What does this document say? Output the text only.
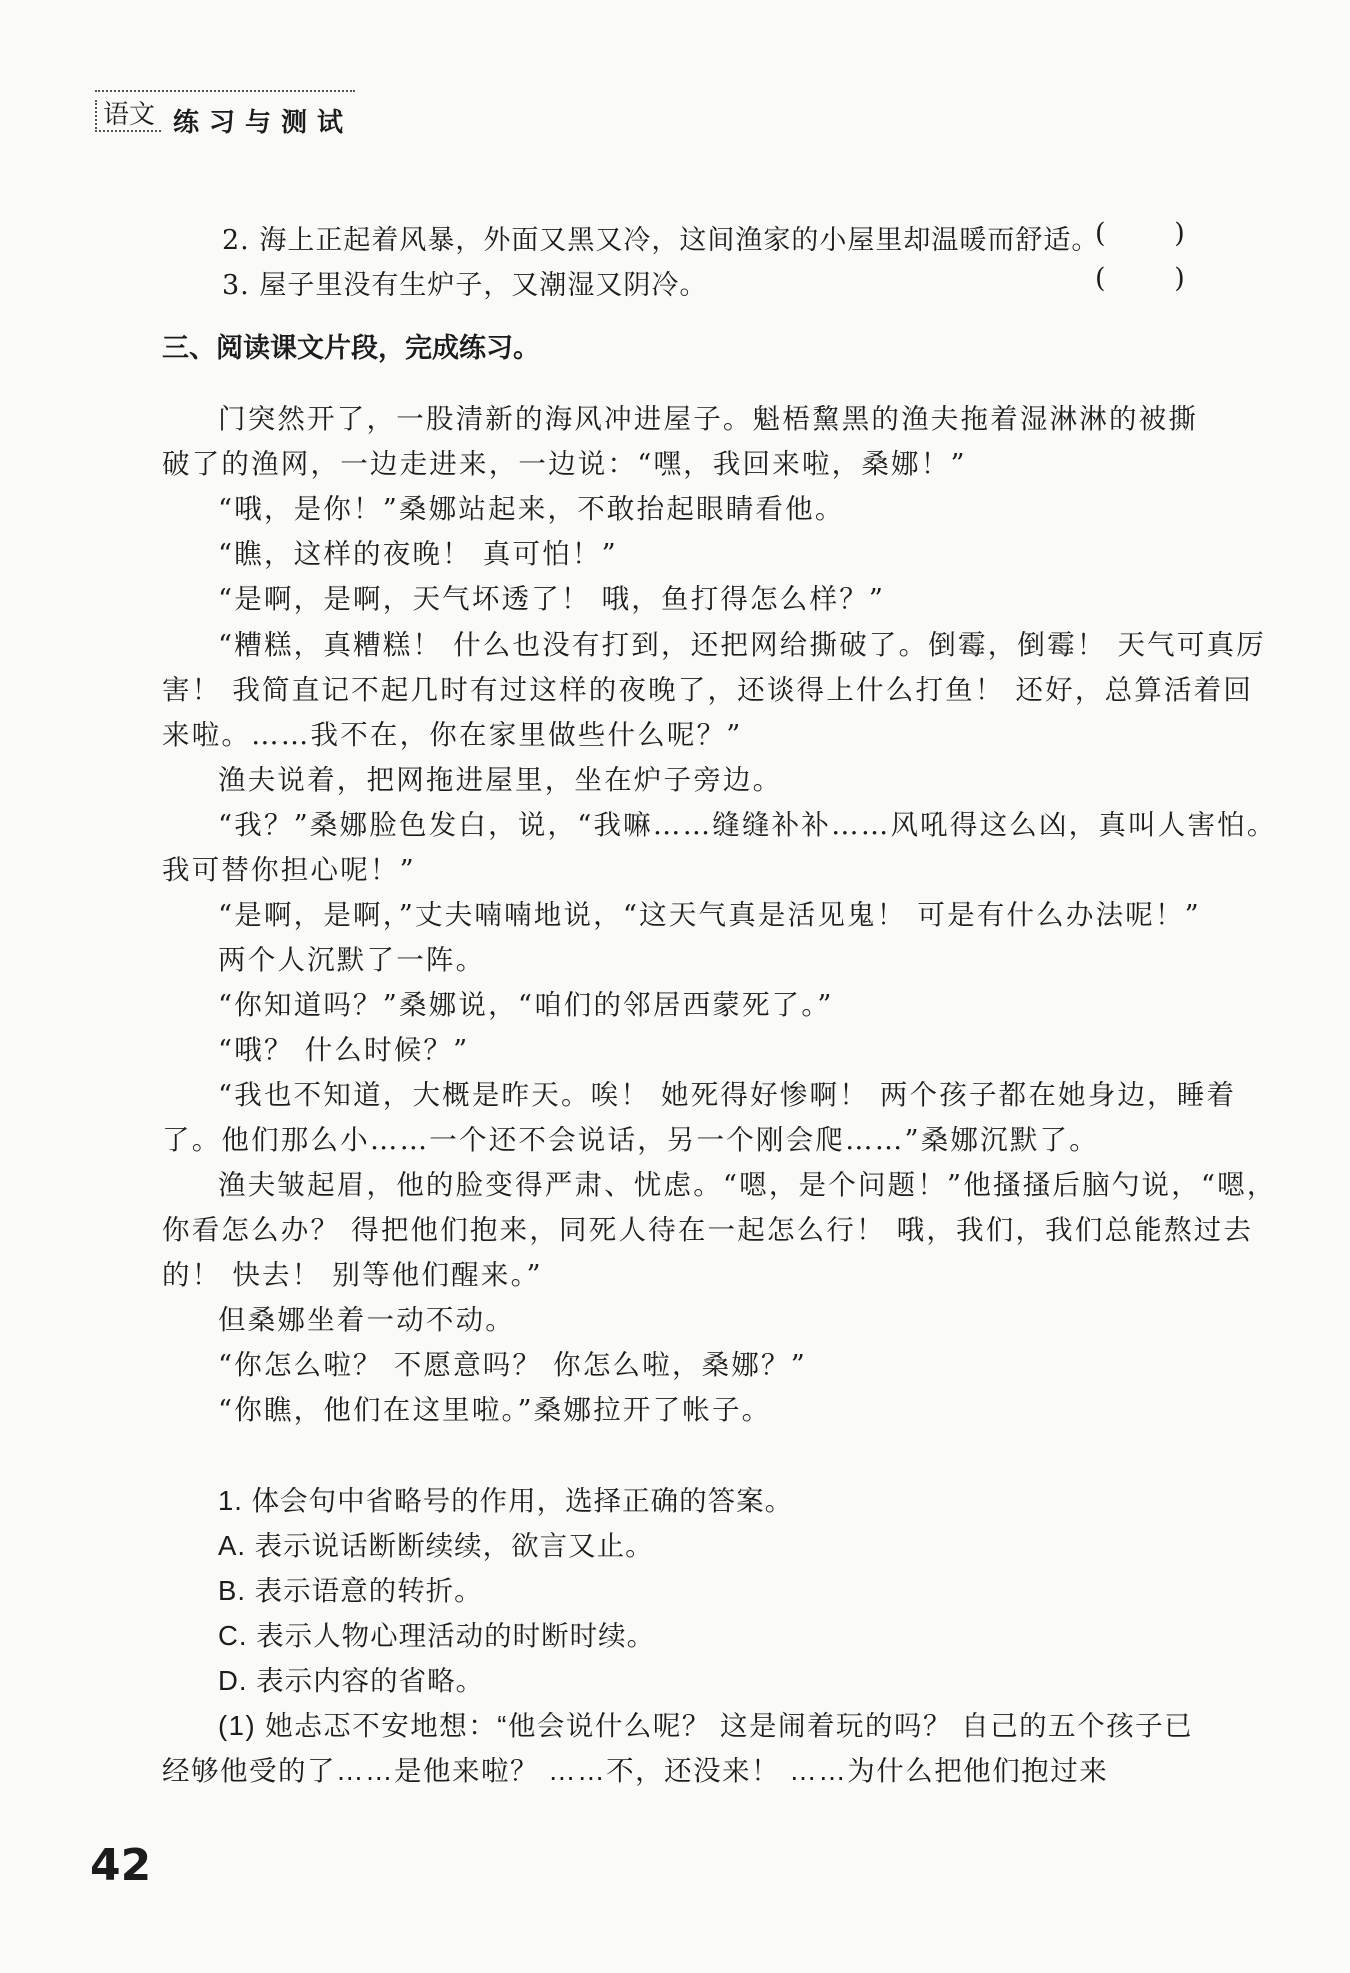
语文 练习与测试
2. 海上正起着风暴，外面又黑又冷，这间渔家的小屋里却温暖而舒适。
(        )
3. 屋子里没有生炉子，又潮湿又阴冷。	(        )
三、阅读课文片段，完成练习。
门突然开了，一股清新的海风冲进屋子。魁梧黧黑的渔夫拖着湿淋淋的被撕
破了的渔网，一边走进来，一边说：“嘿，我回来啦，桑娜！”
“哦，是你！”桑娜站起来，不敢抬起眼睛看他。
“瞧，这样的夜晚！ 真可怕！”
“是啊，是啊，天气坏透了！ 哦，鱼打得怎么样？”
“糟糕，真糟糕！ 什么也没有打到，还把网给撕破了。倒霉，倒霉！ 天气可真厉
害！ 我简直记不起几时有过这样的夜晚了，还谈得上什么打鱼！ 还好，总算活着回
来啦。……我不在，你在家里做些什么呢？”
渔夫说着，把网拖进屋里，坐在炉子旁边。
“我？”桑娜脸色发白，说，“我嘛……缝缝补补……风吼得这么凶，真叫人害怕。
我可替你担心呢！”
“是啊，是啊，”丈夫喃喃地说，“这天气真是活见鬼！ 可是有什么办法呢！”
两个人沉默了一阵。
“你知道吗？”桑娜说，“咱们的邻居西蒙死了。”
“哦？ 什么时候？”
“我也不知道，大概是昨天。唉！ 她死得好惨啊！ 两个孩子都在她身边，睡着
了。他们那么小……一个还不会说话，另一个刚会爬……”桑娜沉默了。
渔夫皱起眉，他的脸变得严肃、忧虑。“嗯，是个问题！”他搔搔后脑勺说，“嗯，
你看怎么办？ 得把他们抱来，同死人待在一起怎么行！ 哦，我们，我们总能熬过去
的！ 快去！ 别等他们醒来。”
但桑娜坐着一动不动。
“你怎么啦？ 不愿意吗？ 你怎么啦，桑娜？”
“你瞧，他们在这里啦。”桑娜拉开了帐子。
1. 体会句中省略号的作用，选择正确的答案。
A. 表示说话断断续续，欲言又止。
B. 表示语意的转折。
C. 表示人物心理活动的时断时续。
D. 表示内容的省略。
(1) 她忐忑不安地想：“他会说什么呢？ 这是闹着玩的吗？ 自己的五个孩子已
经够他受的了……是他来啦？ ……不，还没来！ ……为什么把他们抱过来
42
